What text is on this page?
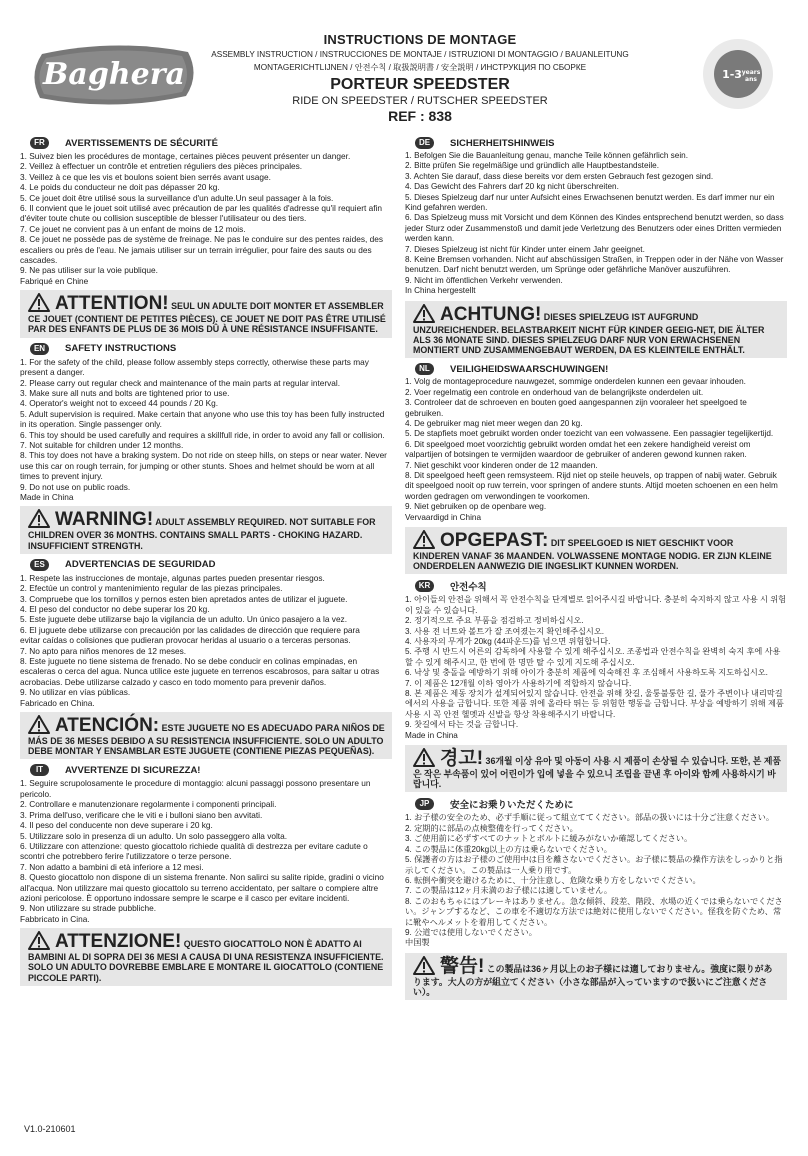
Baghera
INSTRUCTIONS DE MONTAGE
ASSEMBLY INSTRUCTION / INSTRUCCIONES DE MONTAJE / ISTRUZIONI DI MONTAGGIO / BAUANLEITUNG
MONTAGERICHTLIJNEN / 안전수칙 / 取扱説明書 / 安全説明 / ИНСТРУКЦИЯ ПО СБОРКЕ
PORTEUR SPEEDSTER
RIDE ON SPEEDSTER / RUTSCHER SPEEDSTER
REF : 838
1-3 years
ans
FR	AVERTISSEMENTS DE SÉCURITÉ
1. Suivez bien les procédures de montage, certaines pièces peuvent présenter un danger.
2. Veillez à effectuer un contrôle et entretien réguliers des pièces principales.
3. Veillez à ce que les vis et boulons soient bien serrés avant usage.
4. Le poids du conducteur ne doit pas dépasser 20 kg.
5. Ce jouet doit être utilisé sous la surveillance d'un adulte.Un seul passager à la fois.
6. Il convient que le jouet soit utilisé avec précaution de par les qualités d'adresse qu'il requiert afin d'éviter toute chute ou collision susceptible de blesser l'utilisateur ou des tiers.
7. Ce jouet ne convient pas à un enfant de moins de 12 mois.
8. Ce jouet ne possède pas de système de freinage. Ne pas le conduire sur des pentes raides, des escaliers ou près de l'eau. Ne jamais utiliser sur un terrain irrégulier, pour faire des sauts ou des cascades.
9. Ne pas utiliser sur la voie publique.
Fabriqué en Chine
ATTENTION! SEUL UN ADULTE DOIT MONTER ET ASSEMBLER CE JOUET (CONTIENT DE PETITES PIÈCES). CE JOUET NE DOIT PAS ÊTRE UTILISÉ PAR DES ENFANTS DE PLUS DE 36 MOIS DÛ À UNE RÉSISTANCE INSUFFISANTE.
EN	SAFETY INSTRUCTIONS
1. For the safety of the child, please follow assembly steps correctly, otherwise these parts may present a danger.
2. Please carry out regular check and maintenance of the main parts at regular interval.
3. Make sure all nuts and bolts are tightened prior to use.
4. Operator's weight not to exceed 44 pounds / 20 Kg.
5. Adult supervision is required. Make certain that anyone who use this toy has been fully instructed in its operation. Single passenger only.
6. This toy should be used carefully and requires a skillfull ride, in order to avoid any fall or collision.
7. Not suitable for children under 12 months.
8. This toy does not have a braking system. Do not ride on steep hills, on steps or near water. Never use this car on rough terrain, for jumping or other stunts. Shoes and helmet should be worn at all times to prevent injury.
9. Do not use on public roads.
Made in China
WARNING! ADULT ASSEMBLY REQUIRED. NOT SUITABLE FOR CHILDREN OVER 36 MONTHS. CONTAINS SMALL PARTS - CHOKING HAZARD. INSUFFICIENT STRENGTH.
ES	ADVERTENCIAS DE SEGURIDAD
1. Respete las instrucciones de montaje, algunas partes pueden presentar riesgos.
2. Efectúe un control y mantenimiento regular de las piezas principales.
3. Compruebe que los tornillos y pernos esten bien apretados antes de utilizar el juguete.
4. El peso del conductor no debe superar los 20 kg.
5. Este juguete debe utilizarse bajo la vigilancia de un adulto. Un único pasajero a la vez.
6. El juguete debe utilizarse con precaución por las calidades de dirección que requiere para
evitar caídas o colisiones que pudieran provocar heridas al usuario o a terceras personas.
7. No apto para niños menores de 12 meses.
8. Este juguete no tiene sistema de frenado. No se debe conducir en colinas empinadas, en escaleras o cerca del agua. Nunca utilice este juguete en terrenos escabrosos, para saltar u otras acrobacias. Debe utilizarse calzado y casco en todo momento para prevenir daños.
9. No utilizar en vías públicas.
Fabricado en China.
ATENCIÓN: ESTE JUGUETE NO ES ADECUADO PARA NIÑOS DE MÁS DE 36 MESES DEBIDO A SU RESISTENCIA INSUFFICIENTE. SOLO UN ADULTO DEBE MONTAR Y ENSAMBLAR ESTE JUGUETE (CONTIENE PIEZAS PEQUEÑAS).
IT	AVVERTENZE DI SICUREZZA!
1. Seguire scrupolosamente le procedure di montaggio: alcuni passaggi possono presentare un pericolo.
2. Controllare e manutenzionare regolarmente i componenti principali.
3. Prima dell'uso, verificare che le viti e i bulloni siano ben avvitati.
4. Il peso del conducente non deve superare i 20 kg.
5. Utilizzare solo in presenza di un adulto. Un solo passeggero alla volta.
6. Utilizzare con attenzione: questo giocattolo richiede qualità di destrezza per evitare cadute o
scontri che potrebbero ferire l'utilizzatore o terze persone.
7. Non adatto a bambini di età inferiore a 12 mesi.
8. Questo giocattolo non dispone di un sistema frenante. Non salirci su salite ripide, gradini o vicino all'acqua. Non utilizzare mai questo giocattolo su terreno accidentato, per saltare o compiere altre azioni pericolose. È opportuno indossare sempre le scarpe e il casco per evitare incidenti.
9. Non utilizzare su strade pubbliche.
Fabbricato in Cina.
ATTENZIONE! QUESTO GIOCATTOLO NON È ADATTO AI BAMBINI AL DI SOPRA DEI 36 MESI A CAUSA DI UNA RESISTENZA INSUFFICIENTE. SOLO UN ADULTO DOVREBBE EMBLARE E MONTARE IL GIOCATTOLO (CONTIENE PICCOLE PARTI).
DE	SICHERHEITSHINWEIS
1. Befolgen Sie die Bauanleitung genau, manche Teile können gefährlich sein.
2. Bitte prüfen Sie regelmäßige und gründlich alle Hauptbestandsteile.
3. Achten Sie darauf, dass diese bereits vor dem ersten Gebrauch fest gezogen sind.
4. Das Gewicht des Fahrers darf 20 kg nicht überschreiten.
5. Dieses Spielzeug darf nur unter Aufsicht eines Erwachsenen benutzt werden. Es darf immer nur ein Kind gefahren werden.
6. Das Spielzeug muss mit Vorsicht und dem Können des Kindes entsprechend benutzt werden, so dass jeder Sturz oder Zusammenstoß und damit jede Verletzung des Benutzers oder eines Dritten vermieden werden kann.
7. Dieses Spielzeug ist nicht für Kinder unter einem Jahr geeignet.
8. Keine Bremsen vorhanden. Nicht auf abschüssigen Straßen, in Treppen oder in der Nähe von Wasser benutzen. Darf nicht benutzt werden, um Sprünge oder gefährliche Manöver auszuführen.
9. Nicht im öffentlichen Verkehr verwenden.
In China hergestellt
ACHTUNG! DIESES SPIELZEUG IST AUFGRUND UNZUREICHENDER. BELASTBARKEIT NICHT FÜR KINDER GEEIG-NET, DIE ÄLTER ALS 36 MONATE SIND. DIESES SPIELZEUG DARF NUR VON ERWACHSENEN MONTIERT UND ZUSAMMENGEBAUT WERDEN, DA ES KLEINTEILE ENTHÄLT.
NL	VEILIGHEIDSWAARSCHUWINGEN!
1. Volg de montageprocedure nauwgezet, sommige onderdelen kunnen een gevaar inhouden.
2. Voer regelmatig een controle en onderhoud van de belangrijkste onderdelen uit.
3. Controleer dat de schroeven en bouten goed aangespannen zijn vooraleer het speelgoed te gebruiken.
4. De gebruiker mag niet meer wegen dan 20 kg.
5. De stapfiets moet gebruikt worden onder toezicht van een volwassene. Een passagier tegelijkertijd.
6. Dit speelgoed moet voorzichtig gebruikt worden omdat het een zekere handigheid vereist om valpartijen of botsingen te vermijden waardoor de gebruiker of anderen gewond kunnen raken.
7. Niet geschikt voor kinderen onder de 12 maanden.
8. Dit speelgoed heeft geen remsysteem. Rijd niet op steile heuvels, op trappen of nabij water. Gebruik dit speelgoed nooit op ruw terrein, voor springen of andere stunts. Altijd moeten schoenen en een helm worden gedragen om verwondingen te voorkomen.
9. Niet gebruiken op de openbare weg.
Vervaardigd in China
OPGEPAST: DIT SPEELGOED IS NIET GESCHIKT VOOR KINDEREN VANAF 36 MAANDEN. VOLWASSENE MONTAGE NODIG. ER ZIJN KLEINE ONDERDELEN AANWEZIG DIE INGESLIKT KUNNEN WORDEN.
KR	안전수칙
1. 아이들의 안전을 위해서 꼭 안전수칙을 단계별로 읽어주시길 바랍니다. 충분히 숙지하지 않고 사용 시 위험이 있을 수 있습니다.
2. 정기적으로 주요 부품을 점검하고 정비하십시오.
3. 사용 전 너트와 볼트가 잘 조여졌는지 확인해주십시오.
4. 사용자의 무게가 20kg (44파운드)를 넘으면 위험합니다.
5. 주행 시 반드시 어른의 감독하에 사용할 수 있게 해주십시오. 조종법과 안전수칙을 완벽히 숙지 후에 사용할 수 있게 해주시고, 한 번에 한 명만 탈 수 있게 지도해 주십시오.
6. 낙상 및 충돌을 예방하기 위해 아이가 충분히 제품에 익숙해진 후 조심해서 사용하도록 지도하십시오.
7. 이 제품은 12개월 이하 영아가 사용하기에 적합하지 않습니다.
8. 본 제품은 제동 장치가 설계되어있지 않습니다. 안전을 위해 찻길, 울퉁불퉁한 길, 물가 주변이나 내리막길에서의 사용을 금합니다. 또한 제품 위에 올라타 뛰는 등 위험한 행동을 금합니다. 부상을 예방하기 위해 제품 사용 시 꼭 안전 헬멧과 신발을 항상 착용해주시기 바랍니다.
9. 찻길에서 타는 것을 금합니다.
Made in China
경고! 36개월 이상 유아 및 아동이 사용 시 제품이 손상될 수 있습니다. 또한, 본 제품은 작은 부속품이 있어 어린이가 입에 넣을 수 있으니 조립을 끝낸 후 아이와 함께 사용하시기 바랍니다.
JP	安全にお乗りいただくために
1. お子様の安全のため、必ず手順に従って組立ててください。部品の扱いには十分ご注意ください。
2. 定期的に部品の点検整備を行ってください。
3. ご使用前に必ずすべてのナットとボルトに緩みがないか確認してください。
4. この製品に体重20kg以上の方は乗らないでください。
5. 保護者の方はお子様のご使用中は目を離さないでください。お子様に製品の操作方法をしっかりと指示してください。この製品は一人乗り用です。
6. 転倒や衝突を避けるために、十分注意し、危険な乗り方をしないでください。
7. この製品は12ヶ月未満のお子様には適していません。
8. このおもちゃにはブレーキはありません。急な傾斜、段差、階段、水場の近くでは乗らないでください。ジャンプするなど、この車を不適切な方法では絶対に使用しないでください。怪我を防ぐため、常に靴やヘルメットを着用してください。
9. 公道では使用しないでください。
中国製
警告! この製品は36ヶ月以上のお子様には適しておりません。強度に限りがあります。大人の方が組立てください（小さな部品が入っていますので扱いにご注意ください）。
V1.0-210601
